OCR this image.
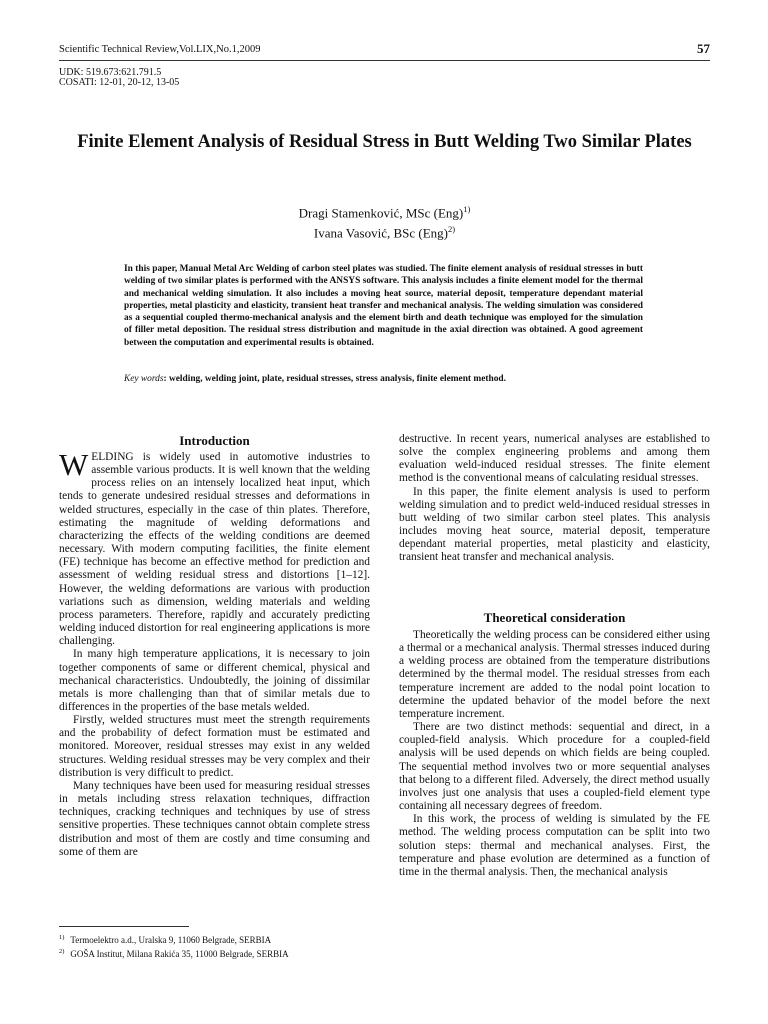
Scientific Technical Review,Vol.LIX,No.1,2009	57
UDK: 519.673:621.791.5
COSATI: 12-01, 20-12, 13-05
Finite Element Analysis of Residual Stress in Butt Welding Two Similar Plates
Dragi Stamenković, MSc (Eng)$^{1)}$
Ivana Vasović, BSc (Eng)$^{2)}$
In this paper, Manual Metal Arc Welding of carbon steel plates was studied. The finite element analysis of residual stresses in butt welding of two similar plates is performed with the ANSYS software. This analysis includes a finite element model for the thermal and mechanical welding simulation. It also includes a moving heat source, material deposit, temperature dependant material properties, metal plasticity and elasticity, transient heat transfer and mechanical analysis. The welding simulation was considered as a sequential coupled thermo-mechanical analysis and the element birth and death technique was employed for the simulation of filler metal deposition. The residual stress distribution and magnitude in the axial direction was obtained. A good agreement between the computation and experimental results is obtained.
Key words: welding, welding joint, plate, residual stresses, stress analysis, finite element method.
Introduction

WELDING is widely used in automotive industries to assemble various products. It is well known that the welding process relies on an intensely localized heat input, which tends to generate undesired residual stresses and deformations in welded structures, especially in the case of thin plates. Therefore, estimating the magnitude of welding deformations and characterizing the effects of the welding conditions are deemed necessary. With modern computing facilities, the finite element (FE) technique has become an effective method for prediction and assessment of welding residual stress and distortions [1–12]. However, the welding deformations are various with production variations such as dimension, welding materials and welding process parameters. Therefore, rapidly and accurately predicting welding induced distortion for real engineering applications is more challenging.

In many high temperature applications, it is necessary to join together components of same or different chemical, physical and mechanical characteristics. Undoubtedly, the joining of dissimilar metals is more challenging than that of similar metals due to differences in the properties of the base metals welded.

Firstly, welded structures must meet the strength requirements and the probability of defect formation must be estimated and monitored. Moreover, residual stresses may exist in any welded structures. Welding residual stresses may be very complex and their distribution is very difficult to predict.

Many techniques have been used for measuring residual stresses in metals including stress relaxation techniques, diffraction techniques, cracking techniques and techniques by use of stress sensitive properties. These techniques cannot obtain complete stress distribution and most of them are costly and time consuming and some of them are

destructive. In recent years, numerical analyses are established to solve the complex engineering problems and among them evaluation weld-induced residual stresses. The finite element method is the conventional means of calculating residual stresses.

In this paper, the finite element analysis is used to perform welding simulation and to predict weld-induced residual stresses in butt welding of two similar carbon steel plates. This analysis includes moving heat source, material deposit, temperature dependant material properties, metal plasticity and elasticity, transient heat transfer and mechanical analysis.

Theoretical consideration

Theoretically the welding process can be considered either using a thermal or a mechanical analysis. Thermal stresses induced during a welding process are obtained from the temperature distributions determined by the thermal model. The residual stresses from each temperature increment are added to the nodal point location to determine the updated behavior of the model before the next temperature increment.

There are two distinct methods: sequential and direct, in a coupled-field analysis. Which procedure for a coupled-field analysis will be used depends on which fields are being coupled. The sequential method involves two or more sequential analyses that belong to a different filed. Adversely, the direct method usually involves just one analysis that uses a coupled-field element type containing all necessary degrees of freedom.

In this work, the process of welding is simulated by the FE method. The welding process computation can be split into two solution steps: thermal and mechanical analyses. First, the temperature and phase evolution are determined as a function of time in the thermal analysis. Then, the mechanical analysis

$^{1)}$ Termoelektro a.d., Uralska 9, 11060 Belgrade, SERBIA
$^{2)}$ GOŠA Institut, Milana Rakića 35, 11000 Belgrade, SERBIA
